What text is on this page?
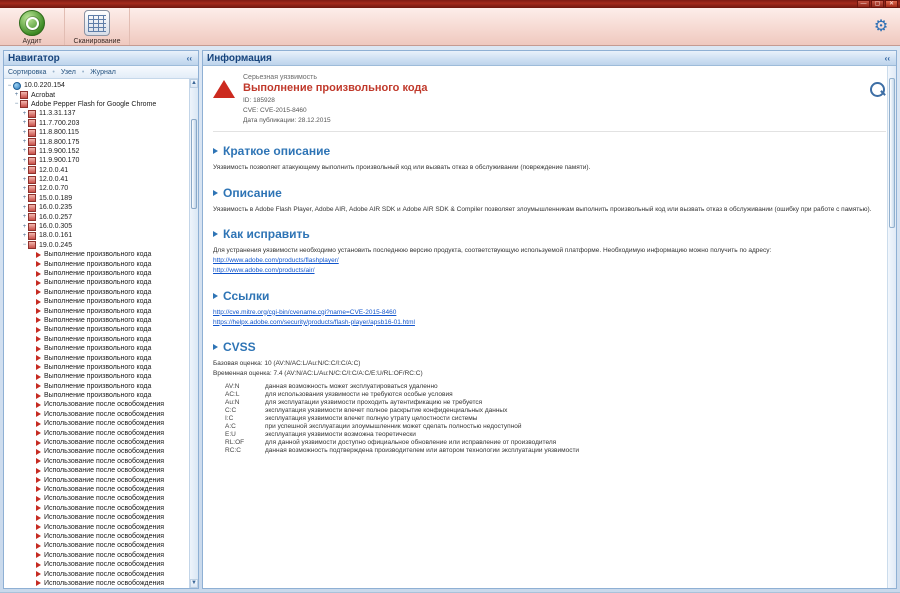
—	▢	✕
Аудит	Сканирование
⚙
Навигатор	‹‹
Сортировка • Узел • Журнал
− 10.0.220.154
+ Acrobat
− Adobe Pepper Flash for Google Chrome
+ 11.3.31.137
+ 11.7.700.203
+ 11.8.800.115
+ 11.8.800.175
+ 11.9.900.152
+ 11.9.900.170
+ 12.0.0.41
+ 12.0.0.41
+ 12.0.0.70
+ 15.0.0.189
+ 16.0.0.235
+ 16.0.0.257
+ 16.0.0.305
+ 18.0.0.161
− 19.0.0.245
Выполнение произвольного кода
Выполнение произвольного кода
Выполнение произвольного кода
Выполнение произвольного кода
Выполнение произвольного кода
Выполнение произвольного кода
Выполнение произвольного кода
Выполнение произвольного кода
Выполнение произвольного кода
Выполнение произвольного кода
Выполнение произвольного кода
Выполнение произвольного кода
Выполнение произвольного кода
Выполнение произвольного кода
Выполнение произвольного кода
Выполнение произвольного кода
Использование после освобождения
Использование после освобождения
Использование после освобождения
Использование после освобождения
Использование после освобождения
Использование после освобождения
Использование после освобождения
Использование после освобождения
Использование после освобождения
Использование после освобождения
Использование после освобождения
Использование после освобождения
Использование после освобождения
Использование после освобождения
Использование после освобождения
Использование после освобождения
Использование после освобождения
Использование после освобождения
Использование после освобождения
Использование после освобождения
▲
▼
Информация	‹‹
Серьезная уязвимость
Выполнение произвольного кода
ID: 185928
CVE: CVE-2015-8460
Дата публикации: 28.12.2015
Краткое описание
Уязвимость позволяет атакующему выполнить произвольный код или вызвать отказ в обслуживании (повреждение памяти).
Описание
Уязвимость в Adobe Flash Player, Adobe AIR, Adobe AIR SDK и Adobe AIR SDK & Compiler позволяет злоумышленникам выполнить произвольный код или вызвать отказ в обслуживании (ошибку при работе с памятью).
Как исправить
Для устранения уязвимости необходимо установить последнюю версию продукта, соответствующую используемой платформе. Необходимую информацию можно получить по адресу:
http://www.adobe.com/products/flashplayer/
http://www.adobe.com/products/air/
Ссылки
http://cve.mitre.org/cgi-bin/cvename.cgi?name=CVE-2015-8460
https://helpx.adobe.com/security/products/flash-player/apsb16-01.html
CVSS
Базовая оценка: 10 (AV:N/AC:L/Au:N/C:C/I:C/A:C)
Временная оценка: 7.4 (AV:N/AC:L/Au:N/C:C/I:C/A:C/E:U/RL:OF/RC:C)
AV:N	данная возможность может эксплуатироваться удаленно
AC:L	для использования уязвимости не требуются особые условия
Au:N	для эксплуатации уязвимости проходить аутентификацию не требуется
C:C	эксплуатация уязвимости влечет полное раскрытие конфиденциальных данных
I:C	эксплуатация уязвимости влечет полную утрату целостности системы
A:C	при успешной эксплуатации злоумышленник может сделать полностью недоступной
E:U	эксплуатация уязвимости возможна теоретически
RL:OF	для данной уязвимости доступно официальное обновление или исправление от производителя
RC:C	данная возможность подтверждена производителем или автором технологии эксплуатации уязвимости
